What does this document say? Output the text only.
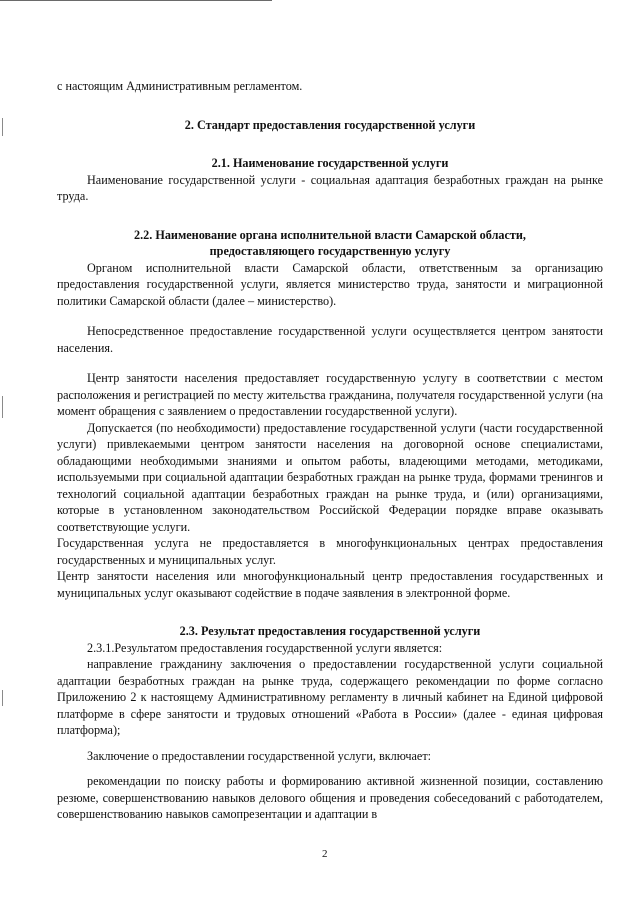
с настоящим Административным регламентом.

2. Стандарт предоставления государственной услуги

2.1. Наименование государственной услуги

Наименование государственной услуги - социальная адаптация безработных граждан на рынке труда.

2.2. Наименование органа исполнительной власти Самарской области,

предоставляющего государственную услугу

Органом исполнительной власти Самарской области, ответственным за организацию предоставления государственной услуги, является министерство труда, занятости и миграционной политики Самарской области (далее – министерство).

Непосредственное предоставление государственной услуги осуществляется центром занятости населения.

Центр занятости населения предоставляет государственную услугу в соответствии с местом расположения и регистрацией по месту жительства гражданина, получателя государственной услуги (на момент обращения с заявлением о предоставлении государственной услуги).

Допускается (по необходимости) предоставление государственной услуги (части государственной услуги) привлекаемыми центром занятости населения на договорной основе специалистами, обладающими необходимыми знаниями и опытом работы, владеющими методами, методиками, используемыми при социальной адаптации безработных граждан на рынке труда, формами тренингов и технологий социальной адаптации безработных граждан на рынке труда, и (или) организациями, которые в установленном законодательством Российской Федерации порядке вправе оказывать соответствующие услуги.

Государственная услуга не предоставляется в многофункциональных центрах предоставления государственных и муниципальных услуг.

Центр занятости населения или многофункциональный центр предоставления государственных и муниципальных услуг оказывают содействие в подаче заявления в электронной форме.

2.3. Результат предоставления государственной услуги

2.3.1.Результатом предоставления государственной услуги является:

направление гражданину заключения о предоставлении государственной услуги социальной адаптации безработных граждан на рынке труда, содержащего рекомендации по форме согласно Приложению 2 к настоящему Административному регламенту в личный кабинет на Единой цифровой платформе в сфере занятости и трудовых отношений «Работа в России» (далее - единая цифровая платформа);

Заключение о предоставлении государственной услуги, включает:

рекомендации по поиску работы и формированию активной жизненной позиции, составлению резюме, совершенствованию навыков делового общения и проведения собеседований с работодателем, совершенствованию навыков самопрезентации и адаптации в

2
